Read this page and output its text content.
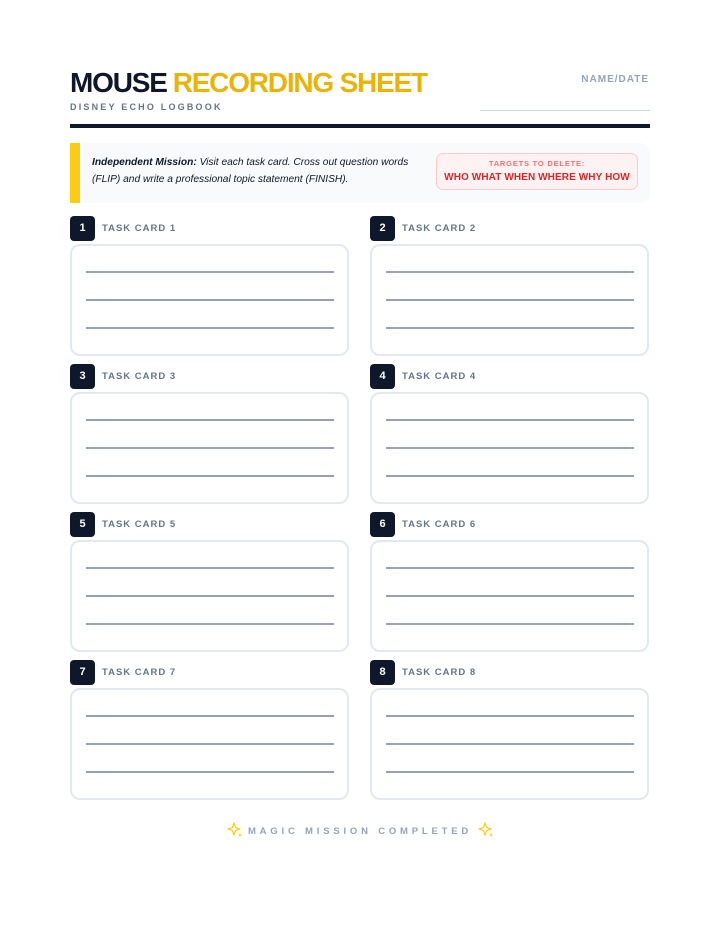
MOUSE RECORDING SHEET
DISNEY ECHO LOGBOOK
NAME/DATE
Independent Mission: Visit each task card. Cross out question words (FLIP) and write a professional topic statement (FINISH).
TARGETS TO DELETE:
WHO WHAT WHEN WHERE WHY HOW
1	TASK CARD 1	2	TASK CARD 2
3	TASK CARD 3	4	TASK CARD 4
5	TASK CARD 5	6	TASK CARD 6
7	TASK CARD 7	8	TASK CARD 8
MAGIC MISSION COMPLETED
